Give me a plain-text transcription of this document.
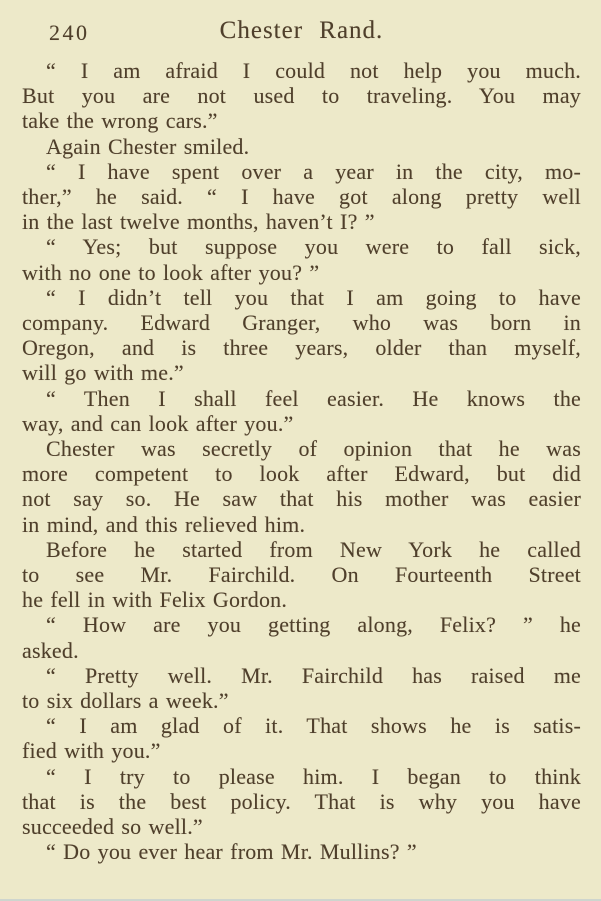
240	Chester Rand.
“ I am afraid I could not help you much.
But you are not used to traveling. You may
take the wrong cars.”
Again Chester smiled.
“ I have spent over a year in the city, mo-
ther,” he said. “ I have got along pretty well
in the last twelve months, haven’t I? ”
“ Yes; but suppose you were to fall sick,
with no one to look after you? ”
“ I didn’t tell you that I am going to have
company. Edward Granger, who was born in
Oregon, and is three years, older than myself,
will go with me.”
“ Then I shall feel easier. He knows the
way, and can look after you.”
Chester was secretly of opinion that he was
more competent to look after Edward, but did
not say so. He saw that his mother was easier
in mind, and this relieved him.
Before he started from New York he called
to see Mr. Fairchild. On Fourteenth Street
he fell in with Felix Gordon.
“ How are you getting along, Felix? ” he
asked.
“ Pretty well. Mr. Fairchild has raised me
to six dollars a week.”
“ I am glad of it. That shows he is satis-
fied with you.”
“ I try to please him. I began to think
that is the best policy. That is why you have
succeeded so well.”
“ Do you ever hear from Mr. Mullins? ”
